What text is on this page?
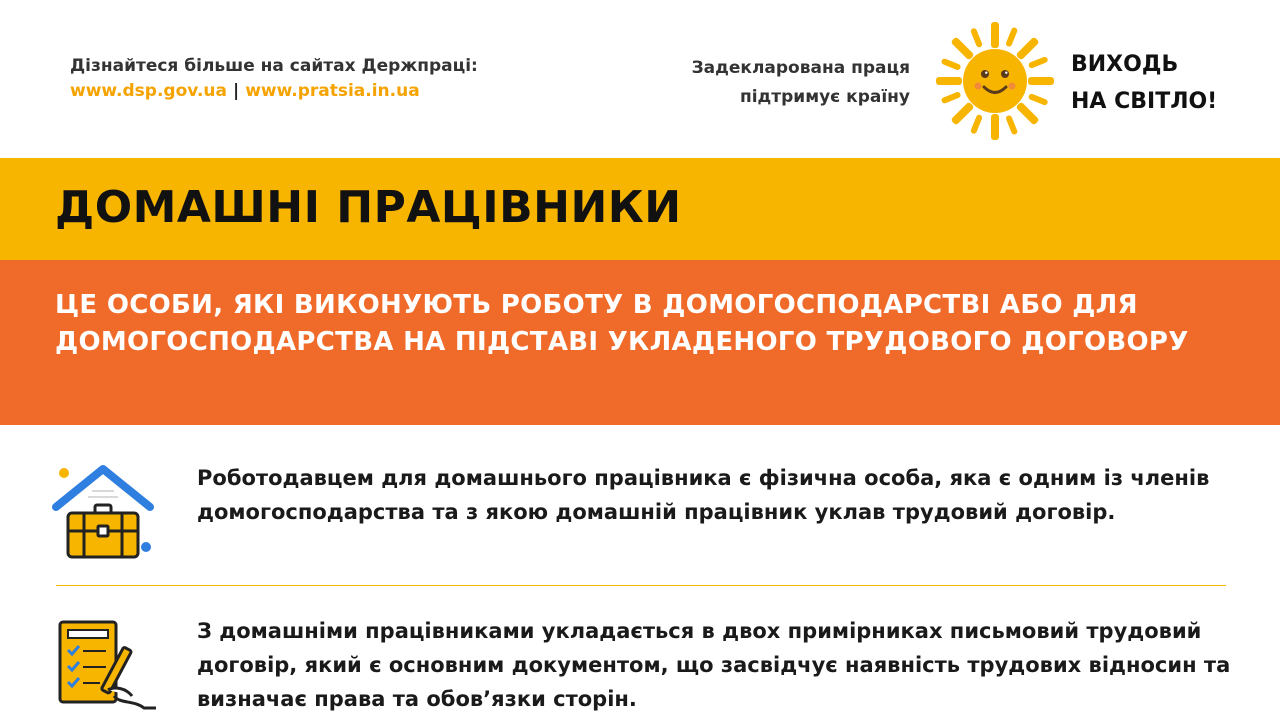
Дізнайтеся більше на сайтах Держпраці:
www.dsp.gov.ua | www.pratsia.in.ua
Задекларована праця
підтримує країну
ВИХОДЬ
НА СВІТЛО!
ДОМАШНІ ПРАЦІВНИКИ

ЦЕ ОСОБИ, ЯКІ ВИКОНУЮТЬ РОБОТУ В ДОМОГОСПОДАРСТВІ АБО ДЛЯ ДОМОГОСПОДАРСТВА НА ПІДСТАВІ УКЛАДЕНОГО ТРУДОВОГО ДОГОВОРУ

Роботодавцем для домашнього працівника є фізична особа, яка є одним із членів домогосподарства та з якою домашній працівник уклав трудовий договір.

З домашніми працівниками укладається в двох примірниках письмовий трудовий договір, який є основним документом, що засвідчує наявність трудових відносин та визначає права та обов’язки сторін.
